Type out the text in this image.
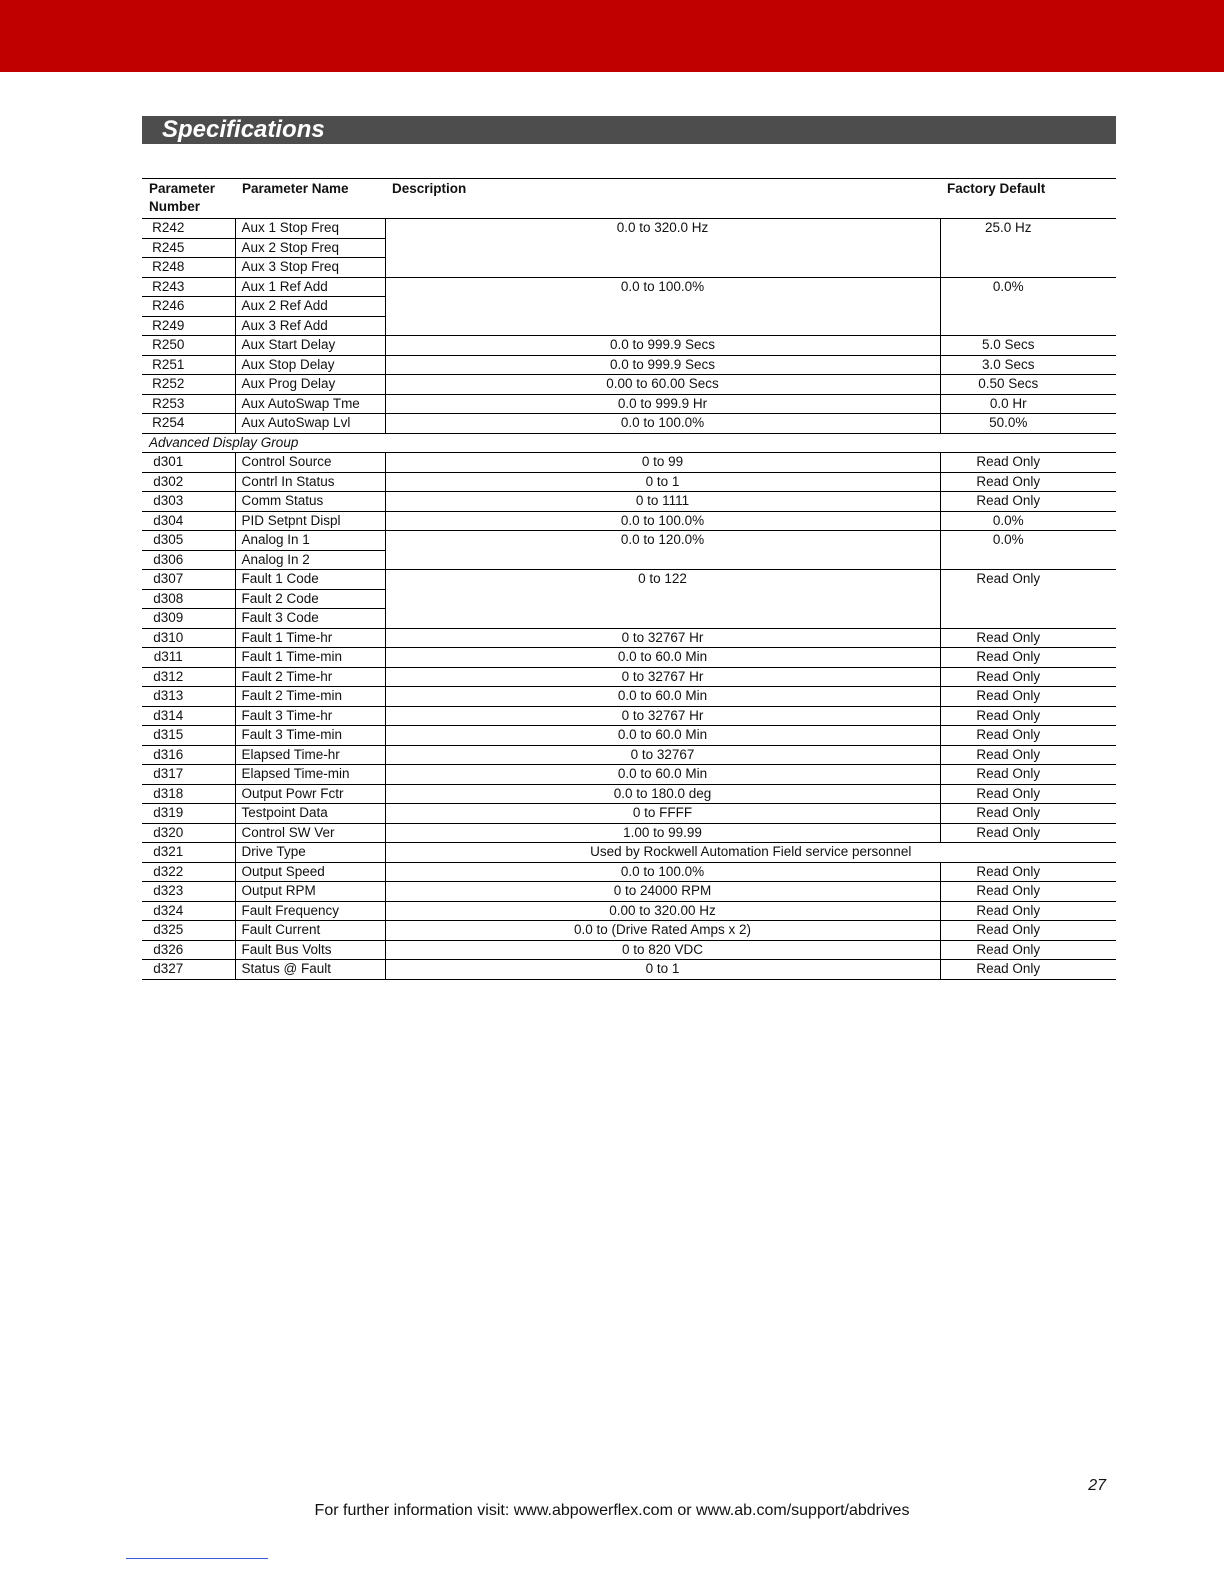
Specifications
Parameter
Number	Parameter Name	Description	Factory Default
R242	Aux 1 Stop Freq	0.0 to 320.0 Hz	25.0 Hz
R245	Aux 2 Stop Freq		
R248	Aux 3 Stop Freq		
R243	Aux 1 Ref Add	0.0 to 100.0%	0.0%
R246	Aux 2 Ref Add		
R249	Aux 3 Ref Add		
R250	Aux Start Delay	0.0 to 999.9 Secs	5.0 Secs
R251	Aux Stop Delay	0.0 to 999.9 Secs	3.0 Secs
R252	Aux Prog Delay	0.00 to 60.00 Secs	0.50 Secs
R253	Aux AutoSwap Tme	0.0 to 999.9 Hr	0.0 Hr
R254	Aux AutoSwap Lvl	0.0 to 100.0%	50.0%
Advanced Display Group			
d301	Control Source	0 to 99	Read Only
d302	Contrl In Status	0 to 1	Read Only
d303	Comm Status	0 to 1111	Read Only
d304	PID Setpnt Displ	0.0 to 100.0%	0.0%
d305	Analog In 1	0.0 to 120.0%	0.0%
d306	Analog In 2		
d307	Fault 1 Code	0 to 122	Read Only
d308	Fault 2 Code		
d309	Fault 3 Code		
d310	Fault 1 Time-hr	0 to 32767 Hr	Read Only
d311	Fault 1 Time-min	0.0 to 60.0 Min	Read Only
d312	Fault 2 Time-hr	0 to 32767 Hr	Read Only
d313	Fault 2 Time-min	0.0 to 60.0 Min	Read Only
d314	Fault 3 Time-hr	0 to 32767 Hr	Read Only
d315	Fault 3 Time-min	0.0 to 60.0 Min	Read Only
d316	Elapsed Time-hr	0 to 32767	Read Only
d317	Elapsed Time-min	0.0 to 60.0 Min	Read Only
d318	Output Powr Fctr	0.0 to 180.0 deg	Read Only
d319	Testpoint Data	0 to FFFF	Read Only
d320	Control SW Ver	1.00 to 99.99	Read Only
d321	Drive Type	Used by Rockwell Automation Field service personnel	
d322	Output Speed	0.0 to 100.0%	Read Only
d323	Output RPM	0 to 24000 RPM	Read Only
d324	Fault Frequency	0.00 to 320.00 Hz	Read Only
d325	Fault Current	0.0 to (Drive Rated Amps x 2)	Read Only
d326	Fault Bus Volts	0 to 820 VDC	Read Only
d327	Status @ Fault	0 to 1	Read Only
27
For further information visit: www.abpowerflex.com or www.ab.com/support/abdrives
